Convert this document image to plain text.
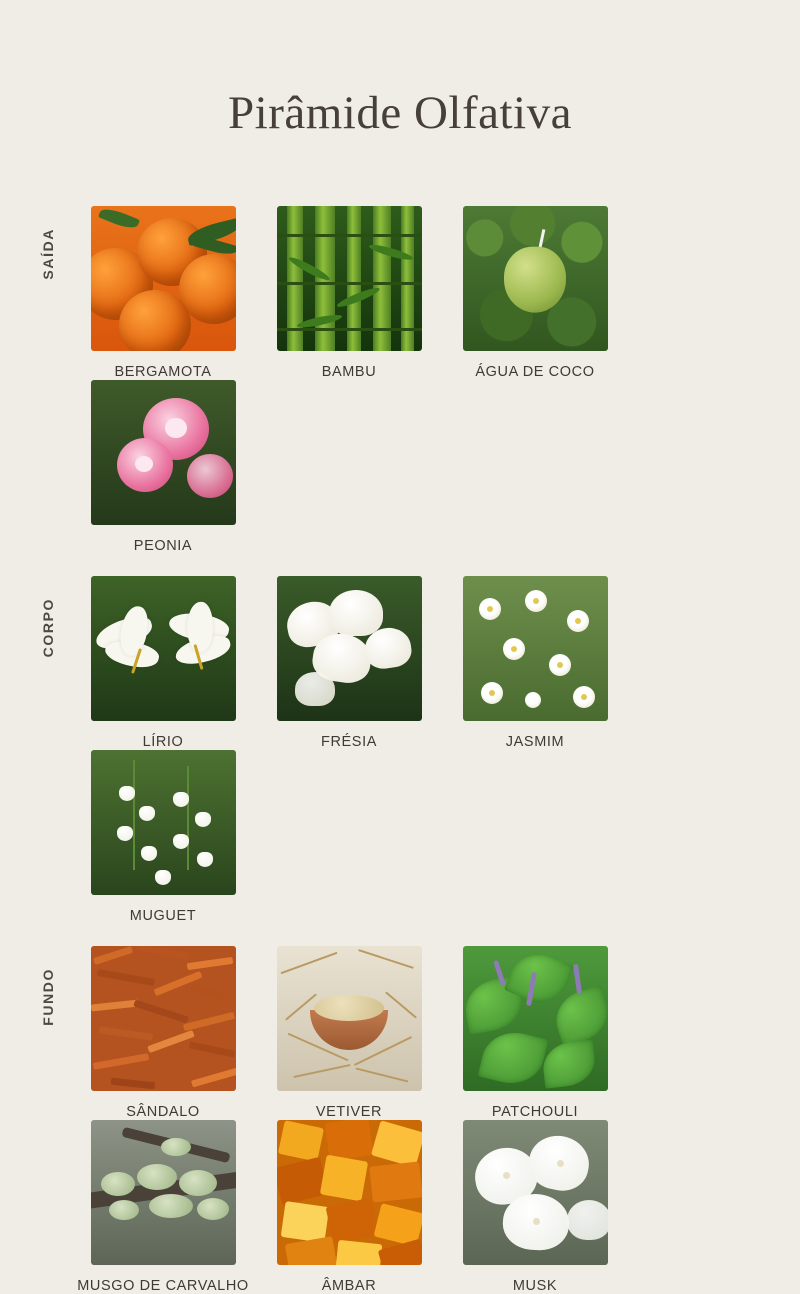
Pirâmide Olfativa
SAÍDA
BERGAMOTA	BAMBU	ÁGUA DE COCO
PEONIA
CORPO
LÍRIO	FRÉSIA	JASMIM
MUGUET
FUNDO
SÂNDALO	VETIVER	PATCHOULI
MUSGO DE CARVALHO	ÂMBAR	MUSK
